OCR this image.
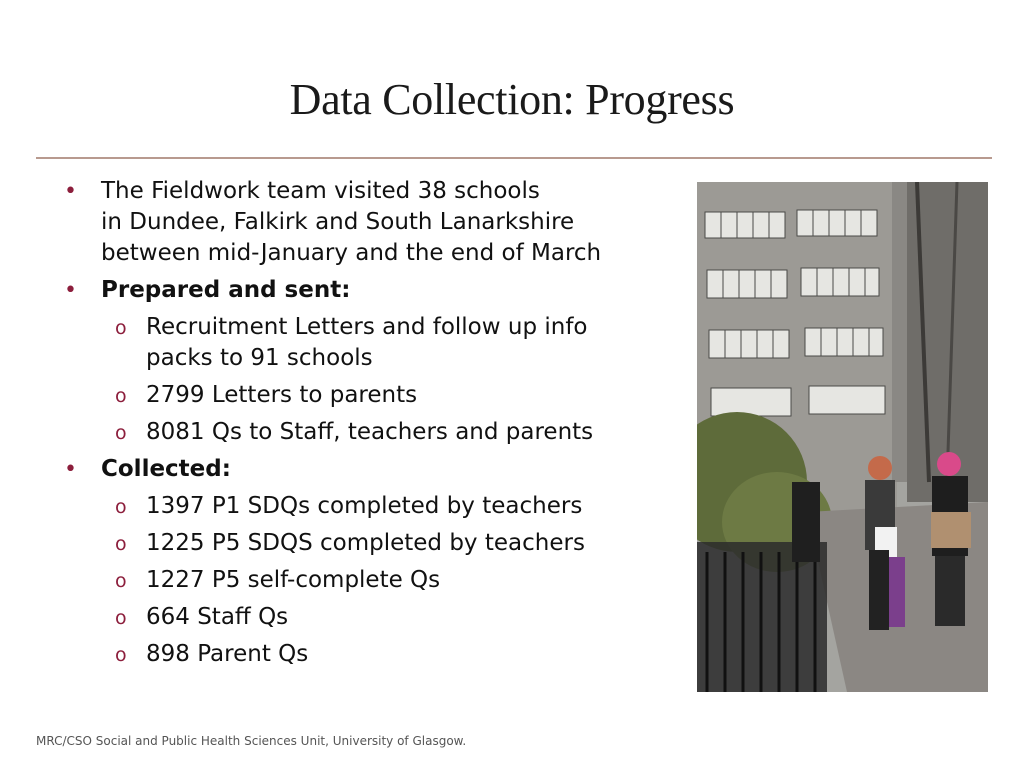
Data Collection: Progress
• The Fieldwork team visited 38 schools
in Dundee, Falkirk and South Lanarkshire
between mid-January and the end of March
• Prepared and sent:
o Recruitment Letters and follow up info
packs to 91 schools
o 2799 Letters to parents
o 8081 Qs to Staff, teachers and parents
• Collected:
o 1397 P1 SDQs completed by teachers
o 1225 P5 SDQS completed by teachers
o 1227 P5 self-complete Qs
o 664 Staff Qs
o 898 Parent Qs
MRC/CSO Social and Public Health Sciences Unit, University of Glasgow.
